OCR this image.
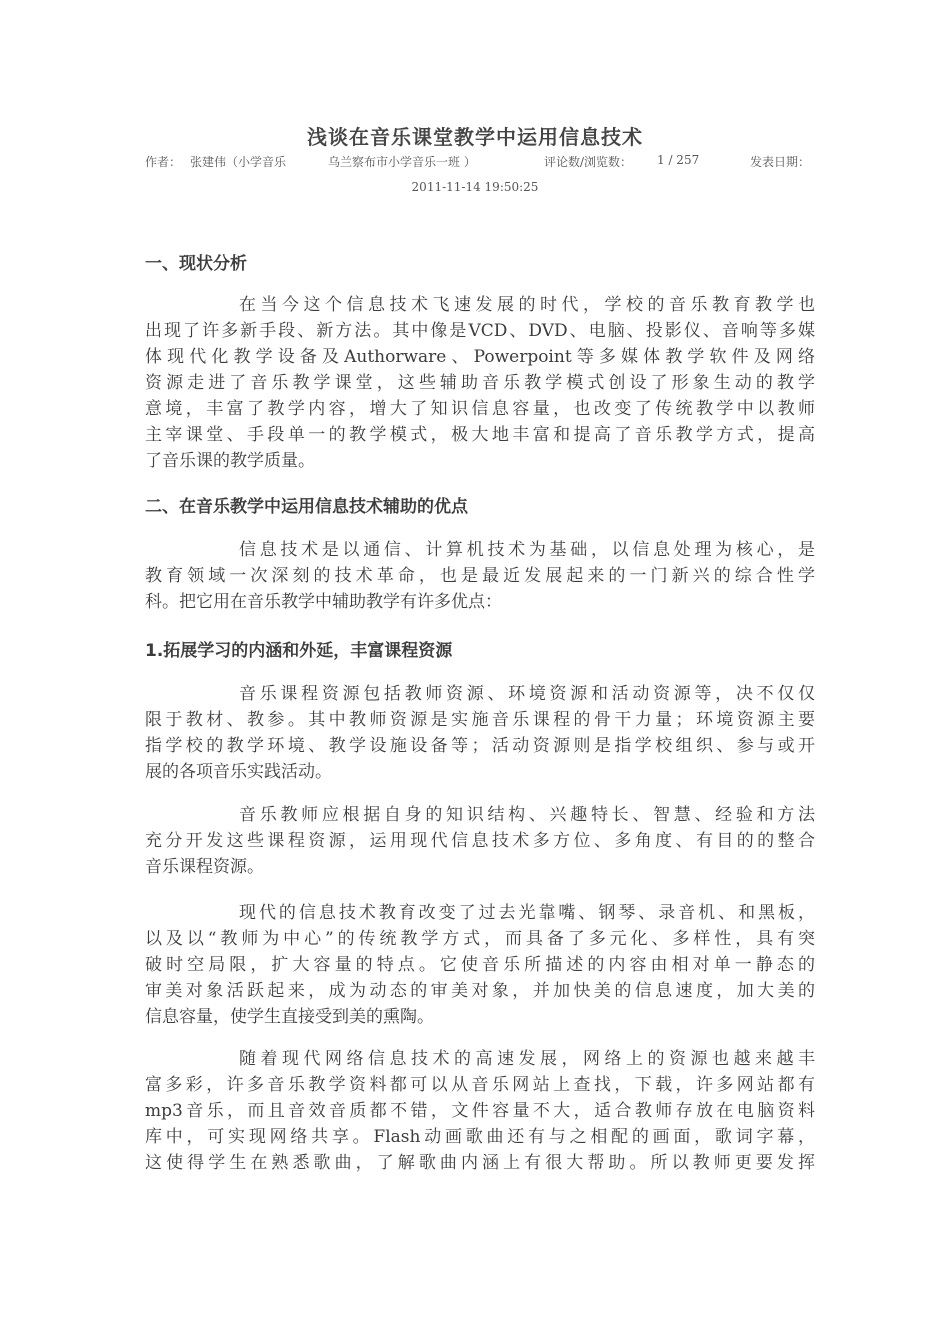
浅谈在音乐课堂教学中运用信息技术
作者： 张建伟（小学音乐	乌兰察布市小学音乐一班 ）	评论数/浏览数： 1 / 257	发表日期：
2011-11-14 19:50:25
一、现状分析
在当今这个信息技术飞速发展的时代，学校的音乐教育教学也
出现了许多新手段、新方法。其中像是VCD、DVD、电脑、投影仪、音响等多媒
体现代化教学设备及Authorware、Powerpoint等多媒体教学软件及网络
资源走进了音乐教学课堂，这些辅助音乐教学模式创设了形象生动的教学
意境，丰富了教学内容，增大了知识信息容量，也改变了传统教学中以教师
主宰课堂、手段单一的教学模式，极大地丰富和提高了音乐教学方式，提高
了音乐课的教学质量。
二、在音乐教学中运用信息技术辅助的优点
信息技术是以通信、计算机技术为基础，以信息处理为核心，是
教育领域一次深刻的技术革命，也是最近发展起来的一门新兴的综合性学
科。把它用在音乐教学中辅助教学有许多优点：
1.拓展学习的内涵和外延，丰富课程资源
音乐课程资源包括教师资源、环境资源和活动资源等，决不仅仅
限于教材、教参。其中教师资源是实施音乐课程的骨干力量；环境资源主要
指学校的教学环境、教学设施设备等；活动资源则是指学校组织、参与或开
展的各项音乐实践活动。
音乐教师应根据自身的知识结构、兴趣特长、智慧、经验和方法
充分开发这些课程资源，运用现代信息技术多方位、多角度、有目的的整合
音乐课程资源。
现代的信息技术教育改变了过去光靠嘴、钢琴、录音机、和黑板，
以及以“教师为中心”的传统教学方式，而具备了多元化、多样性，具有突
破时空局限，扩大容量的特点。它使音乐所描述的内容由相对单一静态的
审美对象活跃起来，成为动态的审美对象，并加快美的信息速度，加大美的
信息容量，使学生直接受到美的熏陶。
随着现代网络信息技术的高速发展，网络上的资源也越来越丰
富多彩，许多音乐教学资料都可以从音乐网站上查找，下载，许多网站都有
mp3音乐，而且音效音质都不错，文件容量不大，适合教师存放在电脑资料
库中，可实现网络共享。Flash动画歌曲还有与之相配的画面，歌词字幕，
这使得学生在熟悉歌曲，了解歌曲内涵上有很大帮助。所以教师更要发挥
